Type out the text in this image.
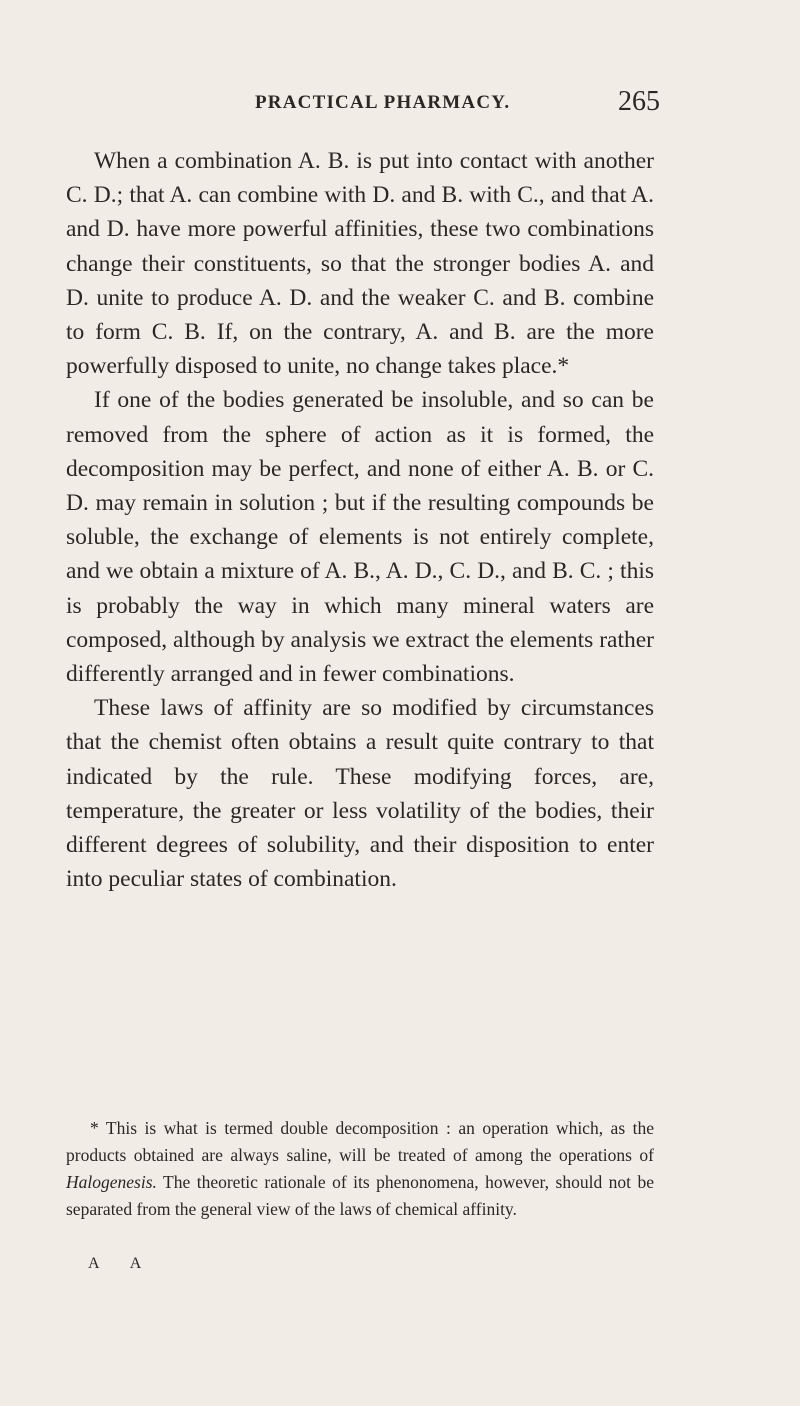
PRACTICAL PHARMACY.	265

When a combination A. B. is put into contact with another C. D.; that A. can combine with D. and B. with C., and that A. and D. have more powerful affinities, these two combinations change their constituents, so that the stronger bodies A. and D. unite to produce A. D. and the weaker C. and B. combine to form C. B. If, on the contrary, A. and B. are the more powerfully disposed to unite, no change takes place.*

If one of the bodies generated be insoluble, and so can be removed from the sphere of action as it is formed, the decomposition may be perfect, and none of either A. B. or C. D. may remain in solution ; but if the resulting compounds be soluble, the exchange of elements is not entirely complete, and we obtain a mixture of A. B., A. D., C. D., and B. C. ; this is probably the way in which many mineral waters are composed, although by analysis we extract the elements rather differently arranged and in fewer combinations.

These laws of affinity are so modified by circumstances that the chemist often obtains a result quite contrary to that indicated by the rule. These modifying forces, are, temperature, the greater or less volatility of the bodies, their different degrees of solubility, and their disposition to enter into peculiar states of combination.

* This is what is termed double decomposition : an operation which, as the products obtained are always saline, will be treated of among the operations of Halogenesis. The theoretic rationale of its phenonomena, however, should not be separated from the general view of the laws of chemical affinity.

A A
